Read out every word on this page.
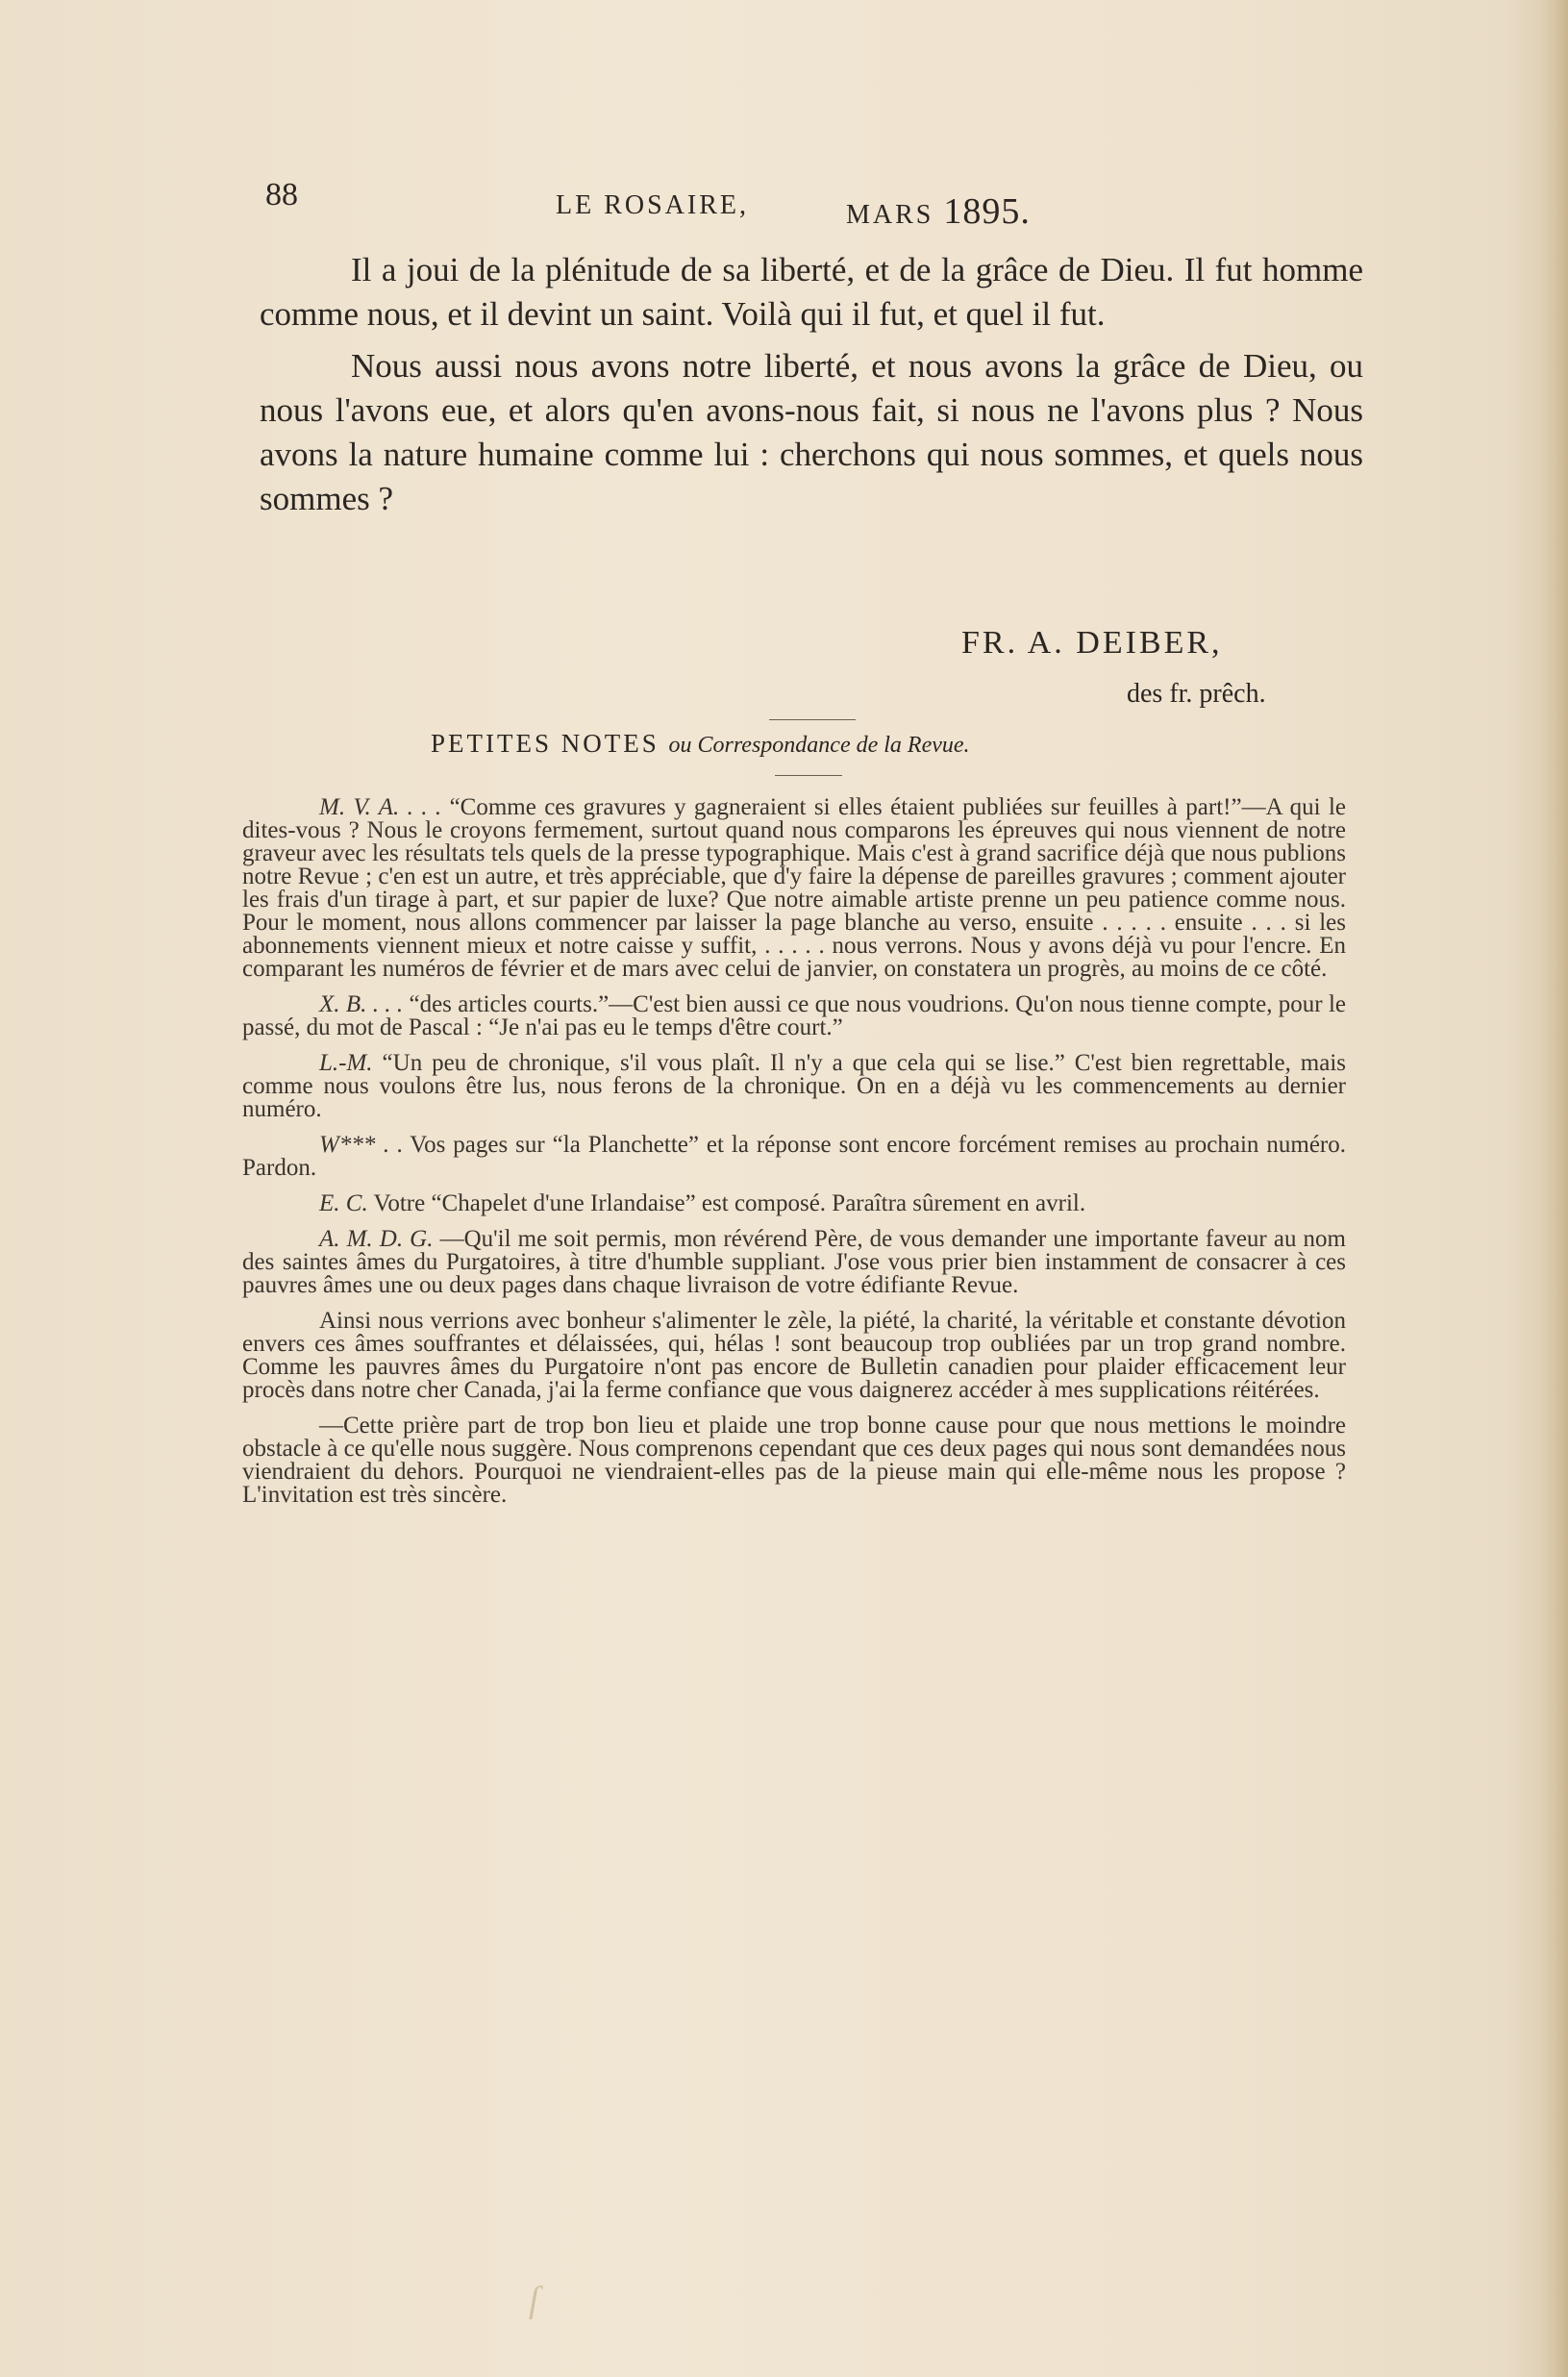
88	LE ROSAIRE,	MARS 1895.

Il a joui de la plénitude de sa liberté, et de la grâce de Dieu. Il fut homme comme nous, et il devint un saint. Voilà qui il fut, et quel il fut.

Nous aussi nous avons notre liberté, et nous avons la grâce de Dieu, ou nous l'avons eue, et alors qu'en avons-nous fait, si nous ne l'avons plus ? Nous avons la nature humaine comme lui : cherchons qui nous sommes, et quels nous sommes ?

FR. A. DEIBER,
des fr. prêch.
PETITES NOTES ou Correspondance de la Revue.

M. V. A. . . . “Comme ces gravures y gagneraient si elles étaient publiées sur feuilles à part!”—A qui le dites-vous ? Nous le croyons fermement, surtout quand nous comparons les épreuves qui nous viennent de notre graveur avec les résultats tels quels de la presse typographique. Mais c'est à grand sacrifice déjà que nous publions notre Revue ; c'en est un autre, et très appréciable, que d'y faire la dépense de pareilles gravures ; comment ajouter les frais d'un tirage à part, et sur papier de luxe? Que notre aimable artiste prenne un peu patience comme nous. Pour le moment, nous allons commencer par laisser la page blanche au verso, ensuite . . . . . ensuite . . . si les abonnements viennent mieux et notre caisse y suffit, . . . . . nous verrons. Nous y avons déjà vu pour l'encre. En comparant les numéros de février et de mars avec celui de janvier, on constatera un progrès, au moins de ce côté.

X. B. . . . “des articles courts.”—C'est bien aussi ce que nous voudrions. Qu'on nous tienne compte, pour le passé, du mot de Pascal : “Je n'ai pas eu le temps d'être court.”

L.-M. “Un peu de chronique, s'il vous plaît. Il n'y a que cela qui se lise.” C'est bien regrettable, mais comme nous voulons être lus, nous ferons de la chronique. On en a déjà vu les commencements au dernier numéro.

W*** . . Vos pages sur “la Planchette” et la réponse sont encore forcément remises au prochain numéro. Pardon.

E. C. Votre “Chapelet d'une Irlandaise” est composé. Paraîtra sûrement en avril.

A. M. D. G. —Qu'il me soit permis, mon révérend Père, de vous demander une importante faveur au nom des saintes âmes du Purgatoires, à titre d'humble suppliant. J'ose vous prier bien instamment de consacrer à ces pauvres âmes une ou deux pages dans chaque livraison de votre édifiante Revue.

Ainsi nous verrions avec bonheur s'alimenter le zèle, la piété, la charité, la véritable et constante dévotion envers ces âmes souffrantes et délaissées, qui, hélas ! sont beaucoup trop oubliées par un trop grand nombre. Comme les pauvres âmes du Purgatoire n'ont pas encore de Bulletin canadien pour plaider efficacement leur procès dans notre cher Canada, j'ai la ferme confiance que vous daignerez accéder à mes supplications réitérées.

—Cette prière part de trop bon lieu et plaide une trop bonne cause pour que nous mettions le moindre obstacle à ce qu'elle nous suggère. Nous comprenons cependant que ces deux pages qui nous sont demandées nous viendraient du dehors. Pourquoi ne viendraient-elles pas de la pieuse main qui elle-même nous les propose ? L'invitation est très sincère.

ſ
